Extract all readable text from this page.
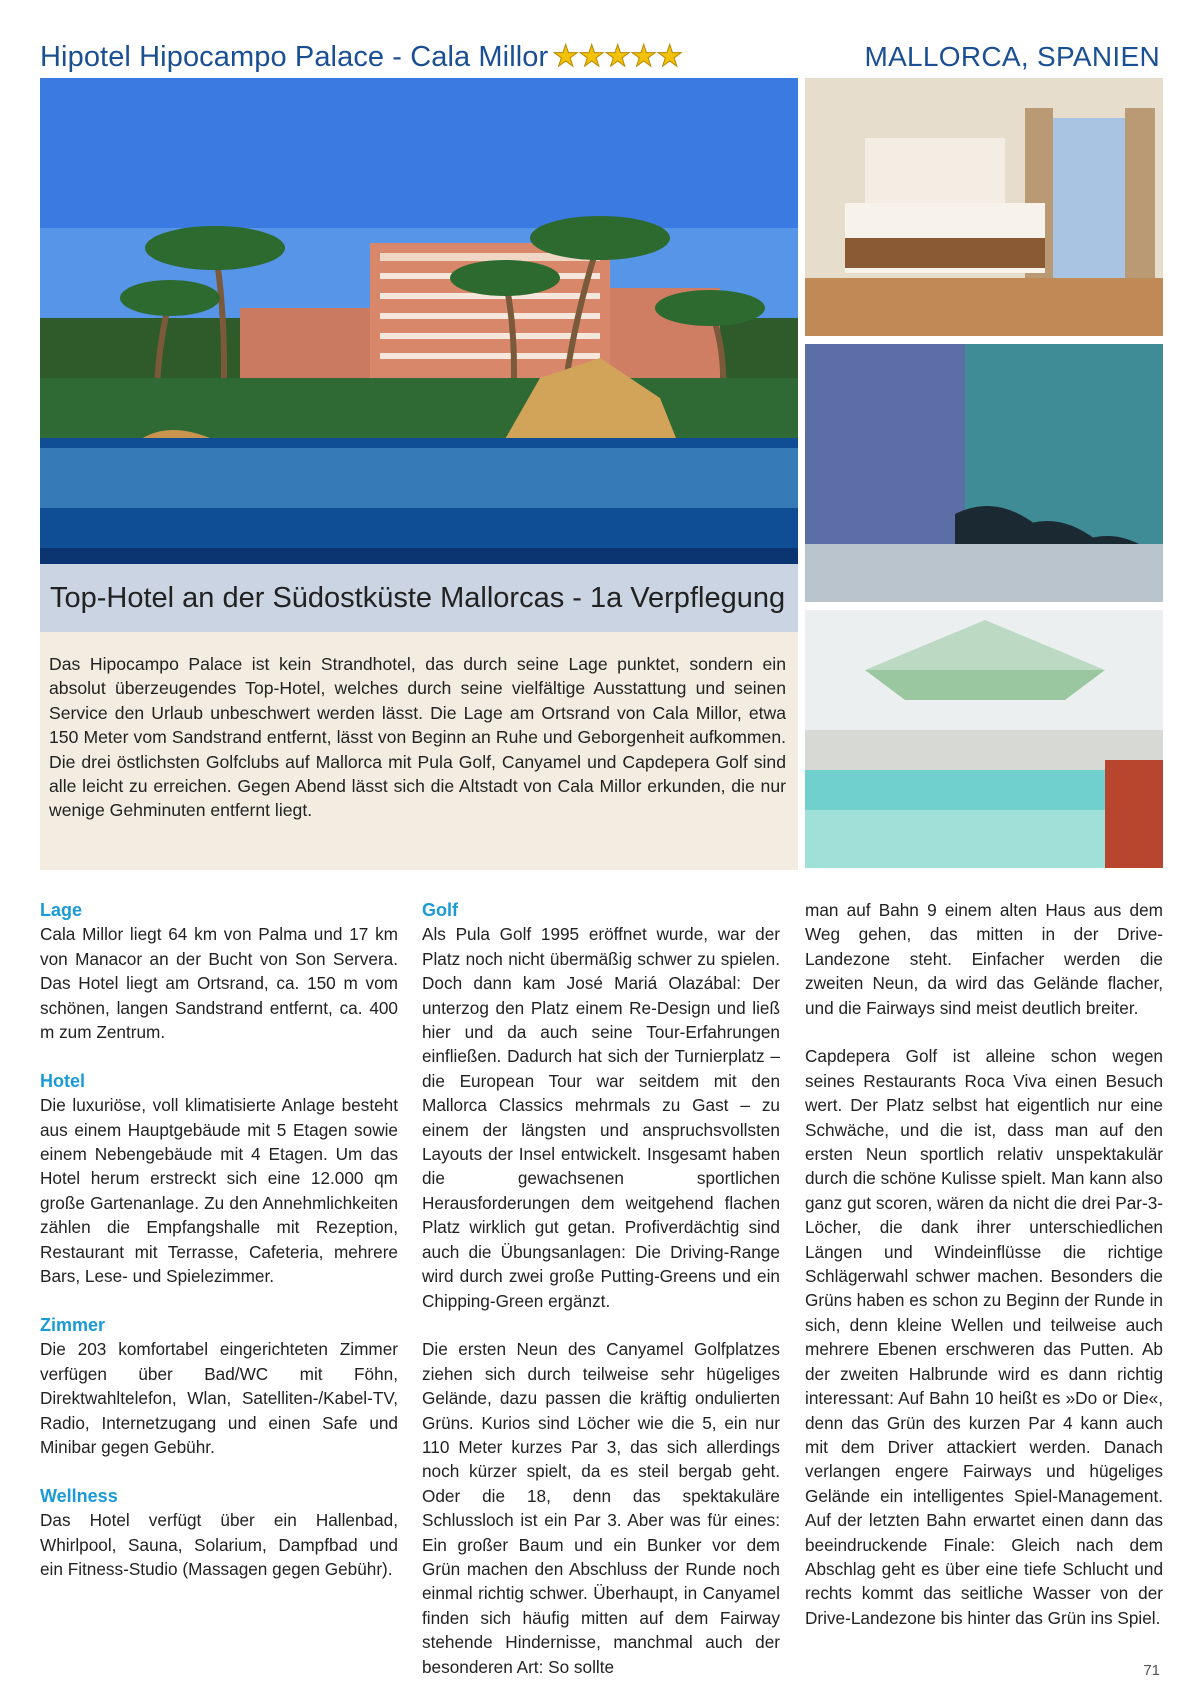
Hipotel Hipocampo Palace - Cala Millor ★ ★ ★ ★ ★	MALLORCA, SPANIEN
Top-Hotel an der Südostküste Mallorcas - 1a Verpflegung
Das Hipocampo Palace ist kein Strandhotel, das durch seine Lage punktet, sondern ein absolut überzeugendes Top-Hotel, welches durch seine vielfältige Ausstattung und seinen Service den Urlaub unbeschwert werden lässt. Die Lage am Ortsrand von Cala Millor, etwa 150 Meter vom Sandstrand entfernt, lässt von Beginn an Ruhe und Geborgenheit aufkommen. Die drei östlichsten Golfclubs auf Mallorca mit Pula Golf, Canyamel und Capdepera Golf sind alle leicht zu erreichen. Gegen Abend lässt sich die Altstadt von Cala Millor erkunden, die nur wenige Gehminuten entfernt liegt.
Lage

Cala Millor liegt 64 km von Palma und 17 km von Manacor an der Bucht von Son Servera. Das Hotel liegt am Ortsrand, ca. 150 m vom schönen, langen Sandstrand entfernt, ca. 400 m zum Zentrum.

Hotel

Die luxuriöse, voll klimatisierte Anlage besteht aus einem Hauptgebäude mit 5 Etagen sowie einem Nebengebäude mit 4 Etagen. Um das Hotel herum erstreckt sich eine 12.000 qm große Gartenanlage. Zu den Annehmlichkeiten zählen die Empfangshalle mit Rezeption, Restaurant mit Terrasse, Cafeteria, mehrere Bars, Lese- und Spielezimmer.

Zimmer

Die 203 komfortabel eingerichteten Zimmer verfügen über Bad/WC mit Föhn, Direktwahltelefon, Wlan, Satelliten-/Kabel-TV, Radio, Internetzugang und einen Safe und Minibar gegen Gebühr.

Wellness

Das Hotel verfügt über ein Hallenbad, Whirlpool, Sauna, Solarium, Dampfbad und ein Fitness-Studio (Massagen gegen Gebühr).

Golf

Als Pula Golf 1995 eröffnet wurde, war der Platz noch nicht übermäßig schwer zu spielen. Doch dann kam José Mariá Olazábal: Der unterzog den Platz einem Re-Design und ließ hier und da auch seine Tour-Erfahrungen einfließen. Dadurch hat sich der Turnierplatz – die European Tour war seitdem mit den Mallorca Classics mehrmals zu Gast – zu einem der längsten und anspruchsvollsten Layouts der Insel entwickelt. Insgesamt haben die gewachsenen sportlichen Herausforderungen dem weitgehend flachen Platz wirklich gut getan. Profiverdächtig sind auch die Übungsanlagen: Die Driving-Range wird durch zwei große Putting-Greens und ein Chipping-Green ergänzt.

Die ersten Neun des Canyamel Golfplatzes ziehen sich durch teilweise sehr hügeliges Gelände, dazu passen die kräftig ondulierten Grüns. Kurios sind Löcher wie die 5, ein nur 110 Meter kurzes Par 3, das sich allerdings noch kürzer spielt, da es steil bergab geht. Oder die 18, denn das spektakuläre Schlussloch ist ein Par 3. Aber was für eines: Ein großer Baum und ein Bunker vor dem Grün machen den Abschluss der Runde noch einmal richtig schwer. Überhaupt, in Canyamel finden sich häufig mitten auf dem Fairway stehende Hindernisse, manchmal auch der besonderen Art: So sollte

man auf Bahn 9 einem alten Haus aus dem Weg gehen, das mitten in der Drive-Landezone steht. Einfacher werden die zweiten Neun, da wird das Gelände flacher, und die Fairways sind meist deutlich breiter.

Capdepera Golf ist alleine schon wegen seines Restaurants Roca Viva einen Besuch wert. Der Platz selbst hat eigentlich nur eine Schwäche, und die ist, dass man auf den ersten Neun sportlich relativ unspektakulär durch die schöne Kulisse spielt. Man kann also ganz gut scoren, wären da nicht die drei Par-3-Löcher, die dank ihrer unterschiedlichen Längen und Windeinflüsse die richtige Schlägerwahl schwer machen. Besonders die Grüns haben es schon zu Beginn der Runde in sich, denn kleine Wellen und teilweise auch mehrere Ebenen erschweren das Putten. Ab der zweiten Halbrunde wird es dann richtig interessant: Auf Bahn 10 heißt es »Do or Die«, denn das Grün des kurzen Par 4 kann auch mit dem Driver attackiert werden. Danach verlangen engere Fairways und hügeliges Gelände ein intelligentes Spiel-Management. Auf der letzten Bahn erwartet einen dann das beeindruckende Finale: Gleich nach dem Abschlag geht es über eine tiefe Schlucht und rechts kommt das seitliche Wasser von der Drive-Landezone bis hinter das Grün ins Spiel.

71
